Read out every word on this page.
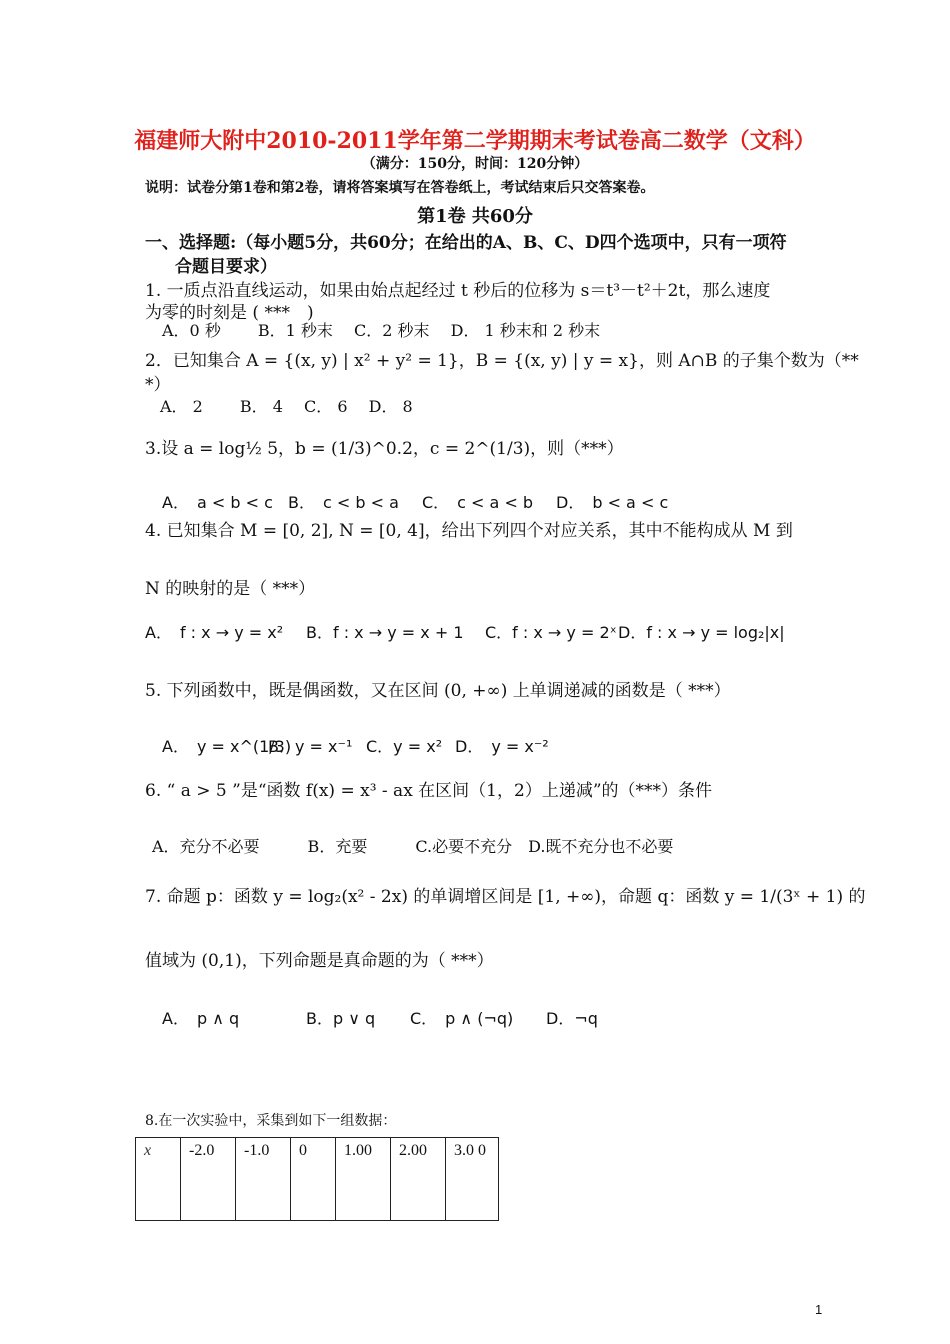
福建师大附中2010-2011学年第二学期期末考试卷高二数学（文科）
（满分：150分，时间：120分钟）
说明：试卷分第1卷和第2卷，请将答案填写在答卷纸上，考试结束后只交答案卷。
第1卷 共60分
一、选择题:（每小题5分，共60分；在给出的A、B、C、D四个选项中，只有一项符
合题目要求）
1. 一质点沿直线运动，如果由始点起经过 t 秒后的位移为 s＝t³－t²＋2t，那么速度
为零的时刻是 ( ***　)
A．0 秒　　 B．1 秒末　 C．2 秒末　 D． 1 秒末和 2 秒末
2．已知集合 A = {(x, y) | x² + y² = 1}，B = {(x, y) | y = x}，则 A∩B 的子集个数为（**
*）
A． 2　　 B． 4　 C． 6　 D． 8
3.设 a = log½ 5，b = (1/3)^0.2，c = 2^(1/3)，则（***）
A．　a < b < c B．　c < b < a C．　c < a < b D．　b < a < c
4. 已知集合 M = [0, 2], N = [0, 4]，给出下列四个对应关系，其中不能构成从 M 到
N 的映射的是（ ***）
A．　f : x → y = x² B．f : x → y = x + 1 C．f : x → y = 2ˣ D．f : x → y = log₂|x|
5. 下列函数中，既是偶函数，又在区间 (0, +∞) 上单调递减的函数是（ ***）
A．　y = x^(1/3)
B．y = x⁻¹ C．y = x² D．　y = x⁻²
6. “ a > 5 ”是“函数 f(x) = x³ - ax 在区间（1，2）上递减”的（***）条件
A．充分不必要　　　B．充要　　　C.必要不充分　D.既不充分也不必要
7. 命题 p：函数 y = log₂(x² - 2x) 的单调增区间是 [1, +∞)，命题 q：函数 y = 1/(3ˣ + 1) 的
值域为 (0,1)，下列命题是真命题的为（ ***）
A．　p ∧ q	B．p ∨ q C．　p ∧ (¬q) D．¬q
8.在一次实验中，采集到如下一组数据：
x	-2.0	-1.0	0	1.00	2.00	3.0 0
1
